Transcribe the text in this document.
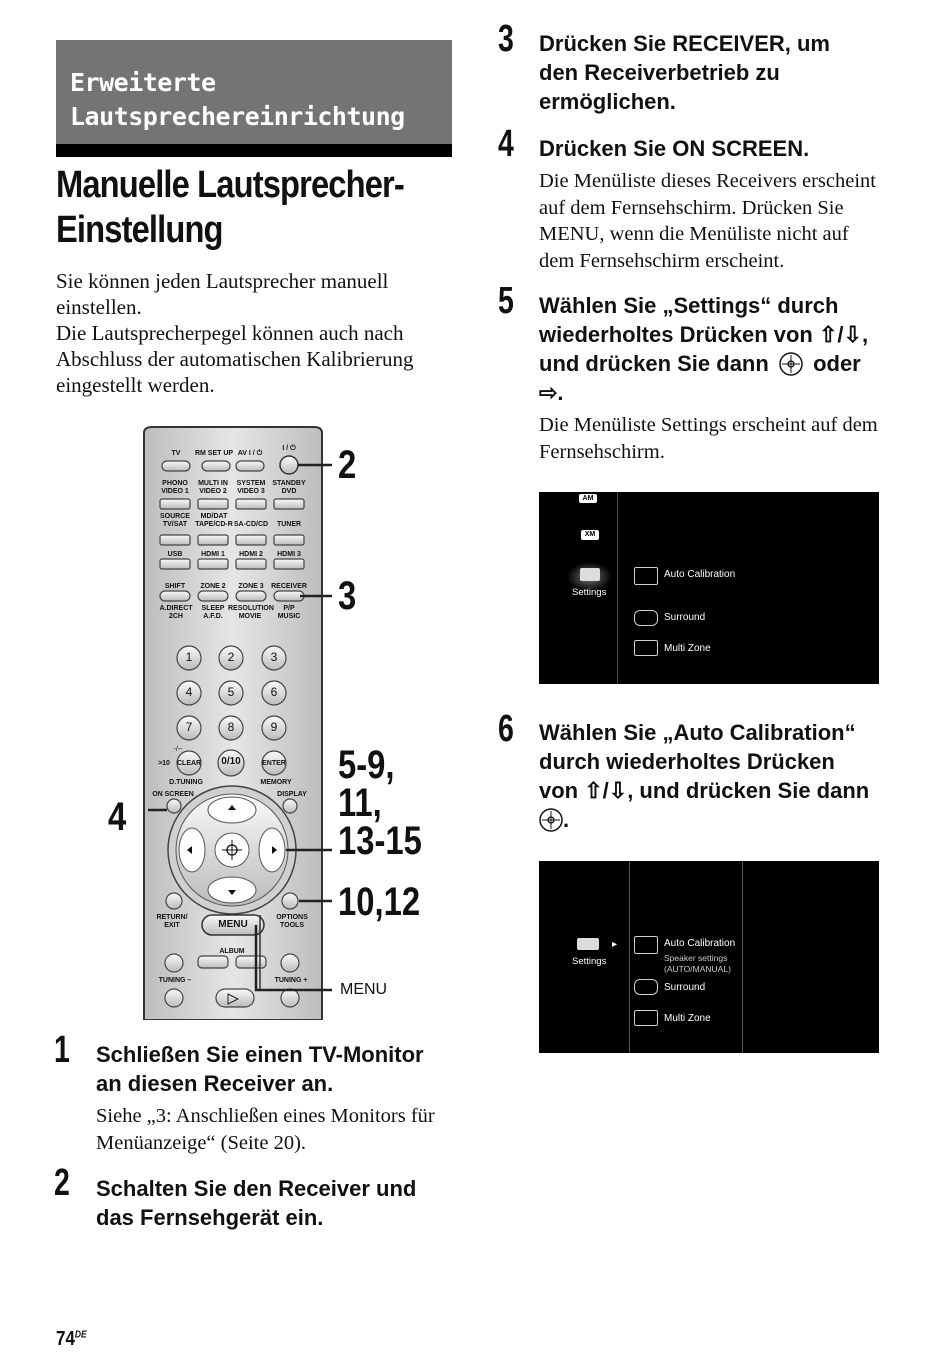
Erweiterte
Lautsprechereinrichtung
Manuelle Lautsprecher-
Einstellung
Sie können jeden Lautsprecher manuell
einstellen.
Die Lautsprecherpegel können auch nach
Abschluss der automatischen Kalibrierung
eingestellt werden.
TV	RM SET UP AV I / ⏻
I / ⏻
PHONO VIDEO 1
MULTI IN VIDEO 2
SYSTEM VIDEO 3
STANDBY DVD
SOURCE TV/SAT
MD/DAT TAPE/CD-R SA-CD/CD	TUNER
USB	HDMI 1	HDMI 2	HDMI 3
SHIFT	ZONE 2	ZONE 3	RECEIVER
A.DIRECT 2CH
SLEEP A.F.D.
RESOLUTION MOVIE
P/P MUSIC
-/--
>10	CLEAR	0/10	ENTER
D.TUNING	MEMORY
ON SCREEN	DISPLAY
RETURN/ EXIT	MENU
OPTIONS TOOLS
ALBUM
TUNING –	TUNING +
1	2	3
4	5	6
7	8	9
2
3
4
5-9,
11,
13-15
10,12
MENU
1 Schließen Sie einen TV-Monitor
an diesen Receiver an.
Siehe „3: Anschließen eines Monitors für
Menüanzeige“ (Seite 20).
2 Schalten Sie den Receiver und
das Fernsehgerät ein.
3 Drücken Sie RECEIVER, um
den Receiverbetrieb zu
ermöglichen.
4 Drücken Sie ON SCREEN.
Die Menüliste dieses Receivers erscheint
auf dem Fernsehschirm. Drücken Sie
MENU, wenn die Menüliste nicht auf
dem Fernsehschirm erscheint.
5 Wählen Sie „Settings“ durch
wiederholtes Drücken von ⇧/⇩,
und drücken Sie dann oder
⇨.
Die Menüliste Settings erscheint auf dem
Fernsehschirm.
AM
XM
Settings
Auto Calibration
Surround
Multi Zone
6 Wählen Sie „Auto Calibration“
durch wiederholtes Drücken
von ⇧/⇩, und drücken Sie dann
.
Settings
▸	Auto Calibration
Speaker settings
(AUTO/MANUAL)
Surround
Multi Zone
74DE
